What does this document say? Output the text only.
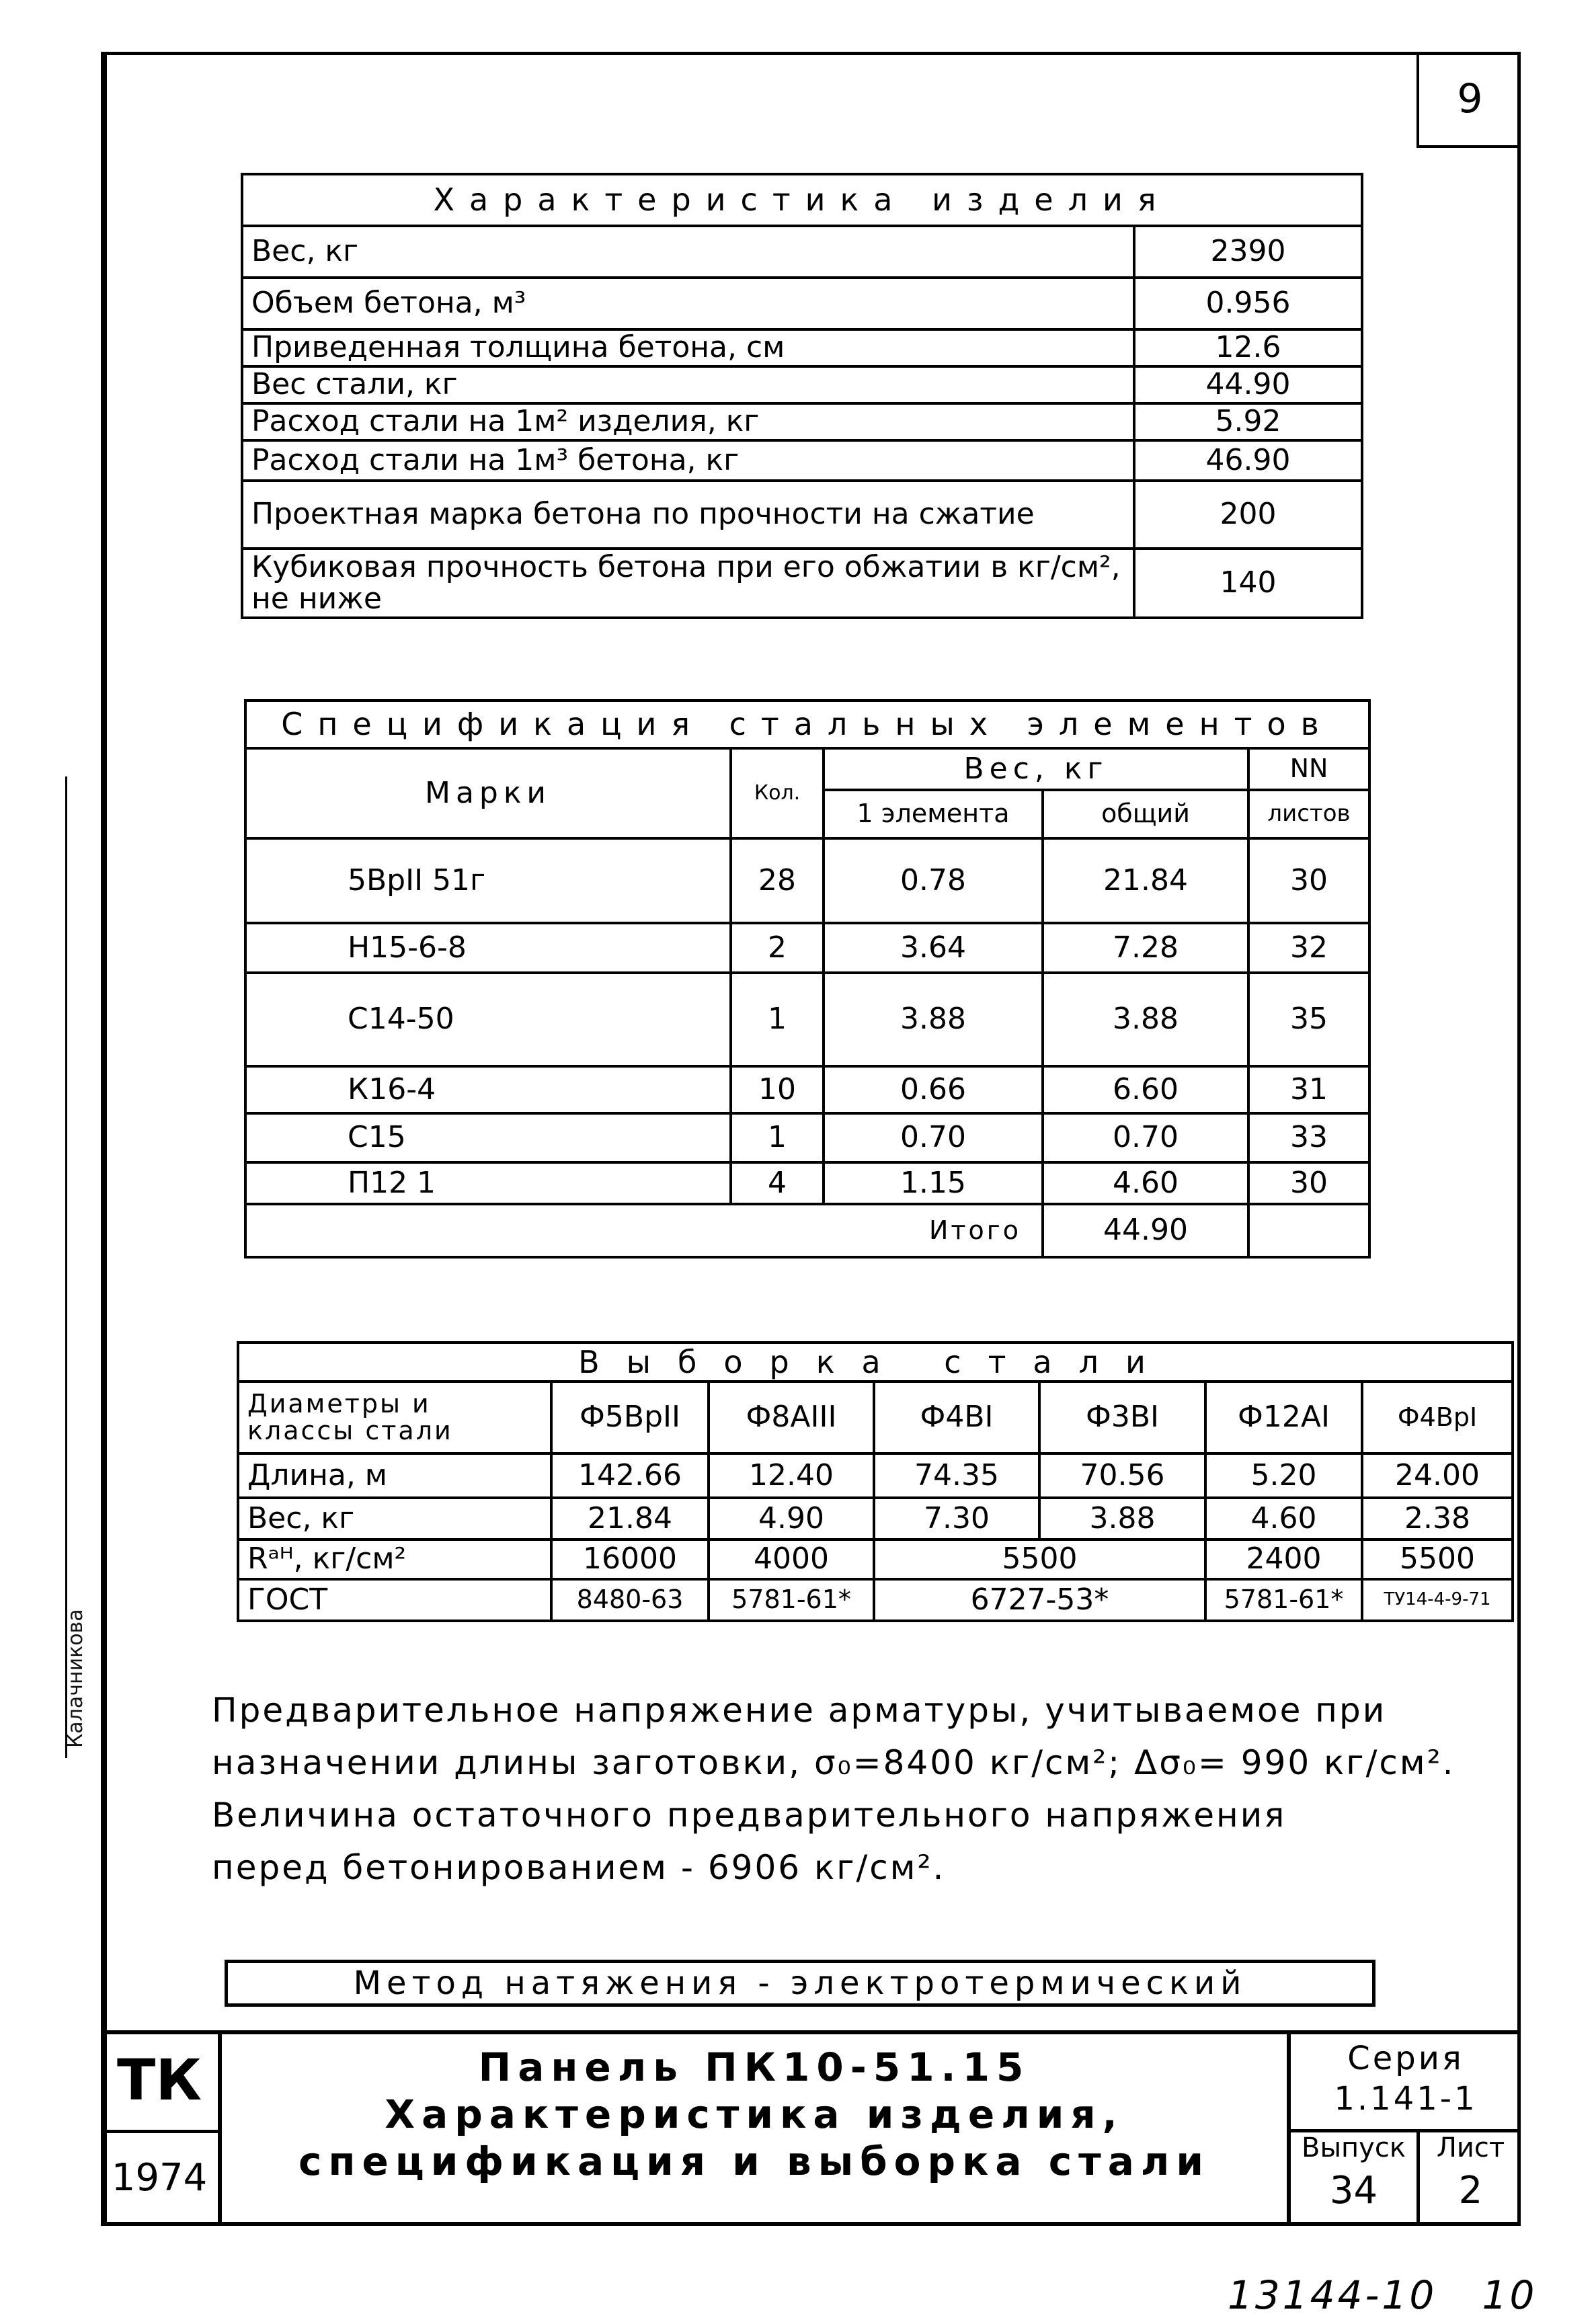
Калачникова
9
Характеристика изделия	
Вес, кг	2390
Объем бетона, м³	0.956
Приведенная толщина бетона, см	12.6
Вес стали, кг	44.90
Расход стали на 1м² изделия, кг	5.92
Расход стали на 1м³ бетона, кг	46.90
Проектная марка бетона по прочности на сжатие	200
Кубиковая прочность бетона при его обжатии в кг/см², не ниже	140
Спецификация стальных элементов				
Марки	Кол.	Вес, кг		NN
		1 элемента	общий	листов
5ВрII 51г	28	0.78	21.84	30
Н15-6-8	2	3.64	7.28	32
С14-50	1	3.88	3.88	35
К16-4	10	0.66	6.60	31
С15	1	0.70	0.70	33
П12 1	4	1.15	4.60	30
Итого			44.90	
Выборка стали						
Диаметры и классы стали	Ф5ВрII	Ф8АIII	Ф4ВI	Ф3ВI	Ф12АI	Ф4ВрI
Длина, м	142.66	12.40	74.35	70.56	5.20	24.00
Вес, кг	21.84	4.90	7.30	3.88	4.60	2.38
Rᵃᴴ, кг/см²	16000	4000	5500		2400	5500
ГОСТ	8480-63	5781-61*	6727-53*		5781-61*	ТУ14-4-9-71
Предварительное напряжение арматуры, учитываемое при
назначении длины заготовки, σ₀=8400 кг/см²; Δσ₀= 990 кг/см².
Величина остаточного предварительного напряжения
перед бетонированием - 6906 кг/см².
Метод натяжения - электротермический
ТК
1974
Панель ПК10-51.15
Характеристика изделия,
спецификация и выборка стали
Серия
1.141-1
Выпуск
34
Лист
2
13144-10   10
